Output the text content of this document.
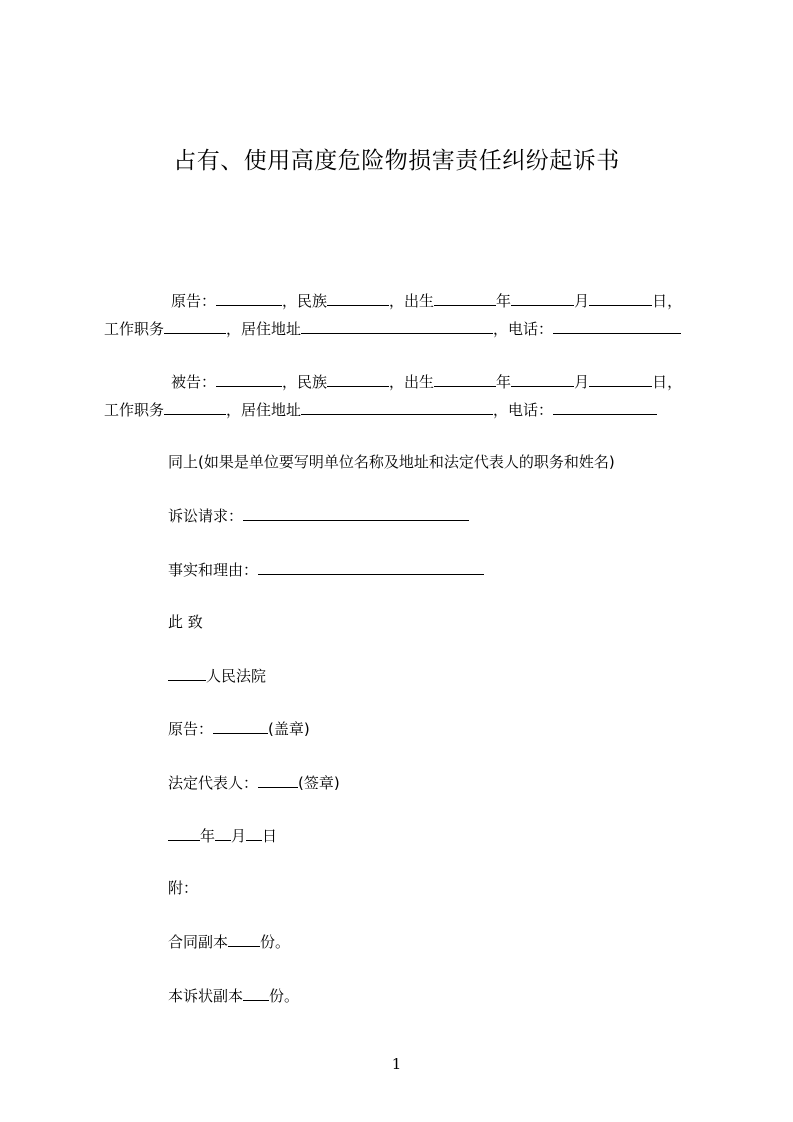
占有、使用高度危险物损害责任纠纷起诉书
原告：	，民族	，出生	年	月	日，
工作职务	，居住地址	，电话：
被告：	，民族	，出生	年	月	日，
工作职务	，居住地址	，电话：
同上(如果是单位要写明单位名称及地址和法定代表人的职务和姓名)
诉讼请求：
事实和理由：
此 致
人民法院
原告：	(盖章)
法定代表人：	(签章)
年 月 日
附：
合同副本 份。
本诉状副本 份。
1
